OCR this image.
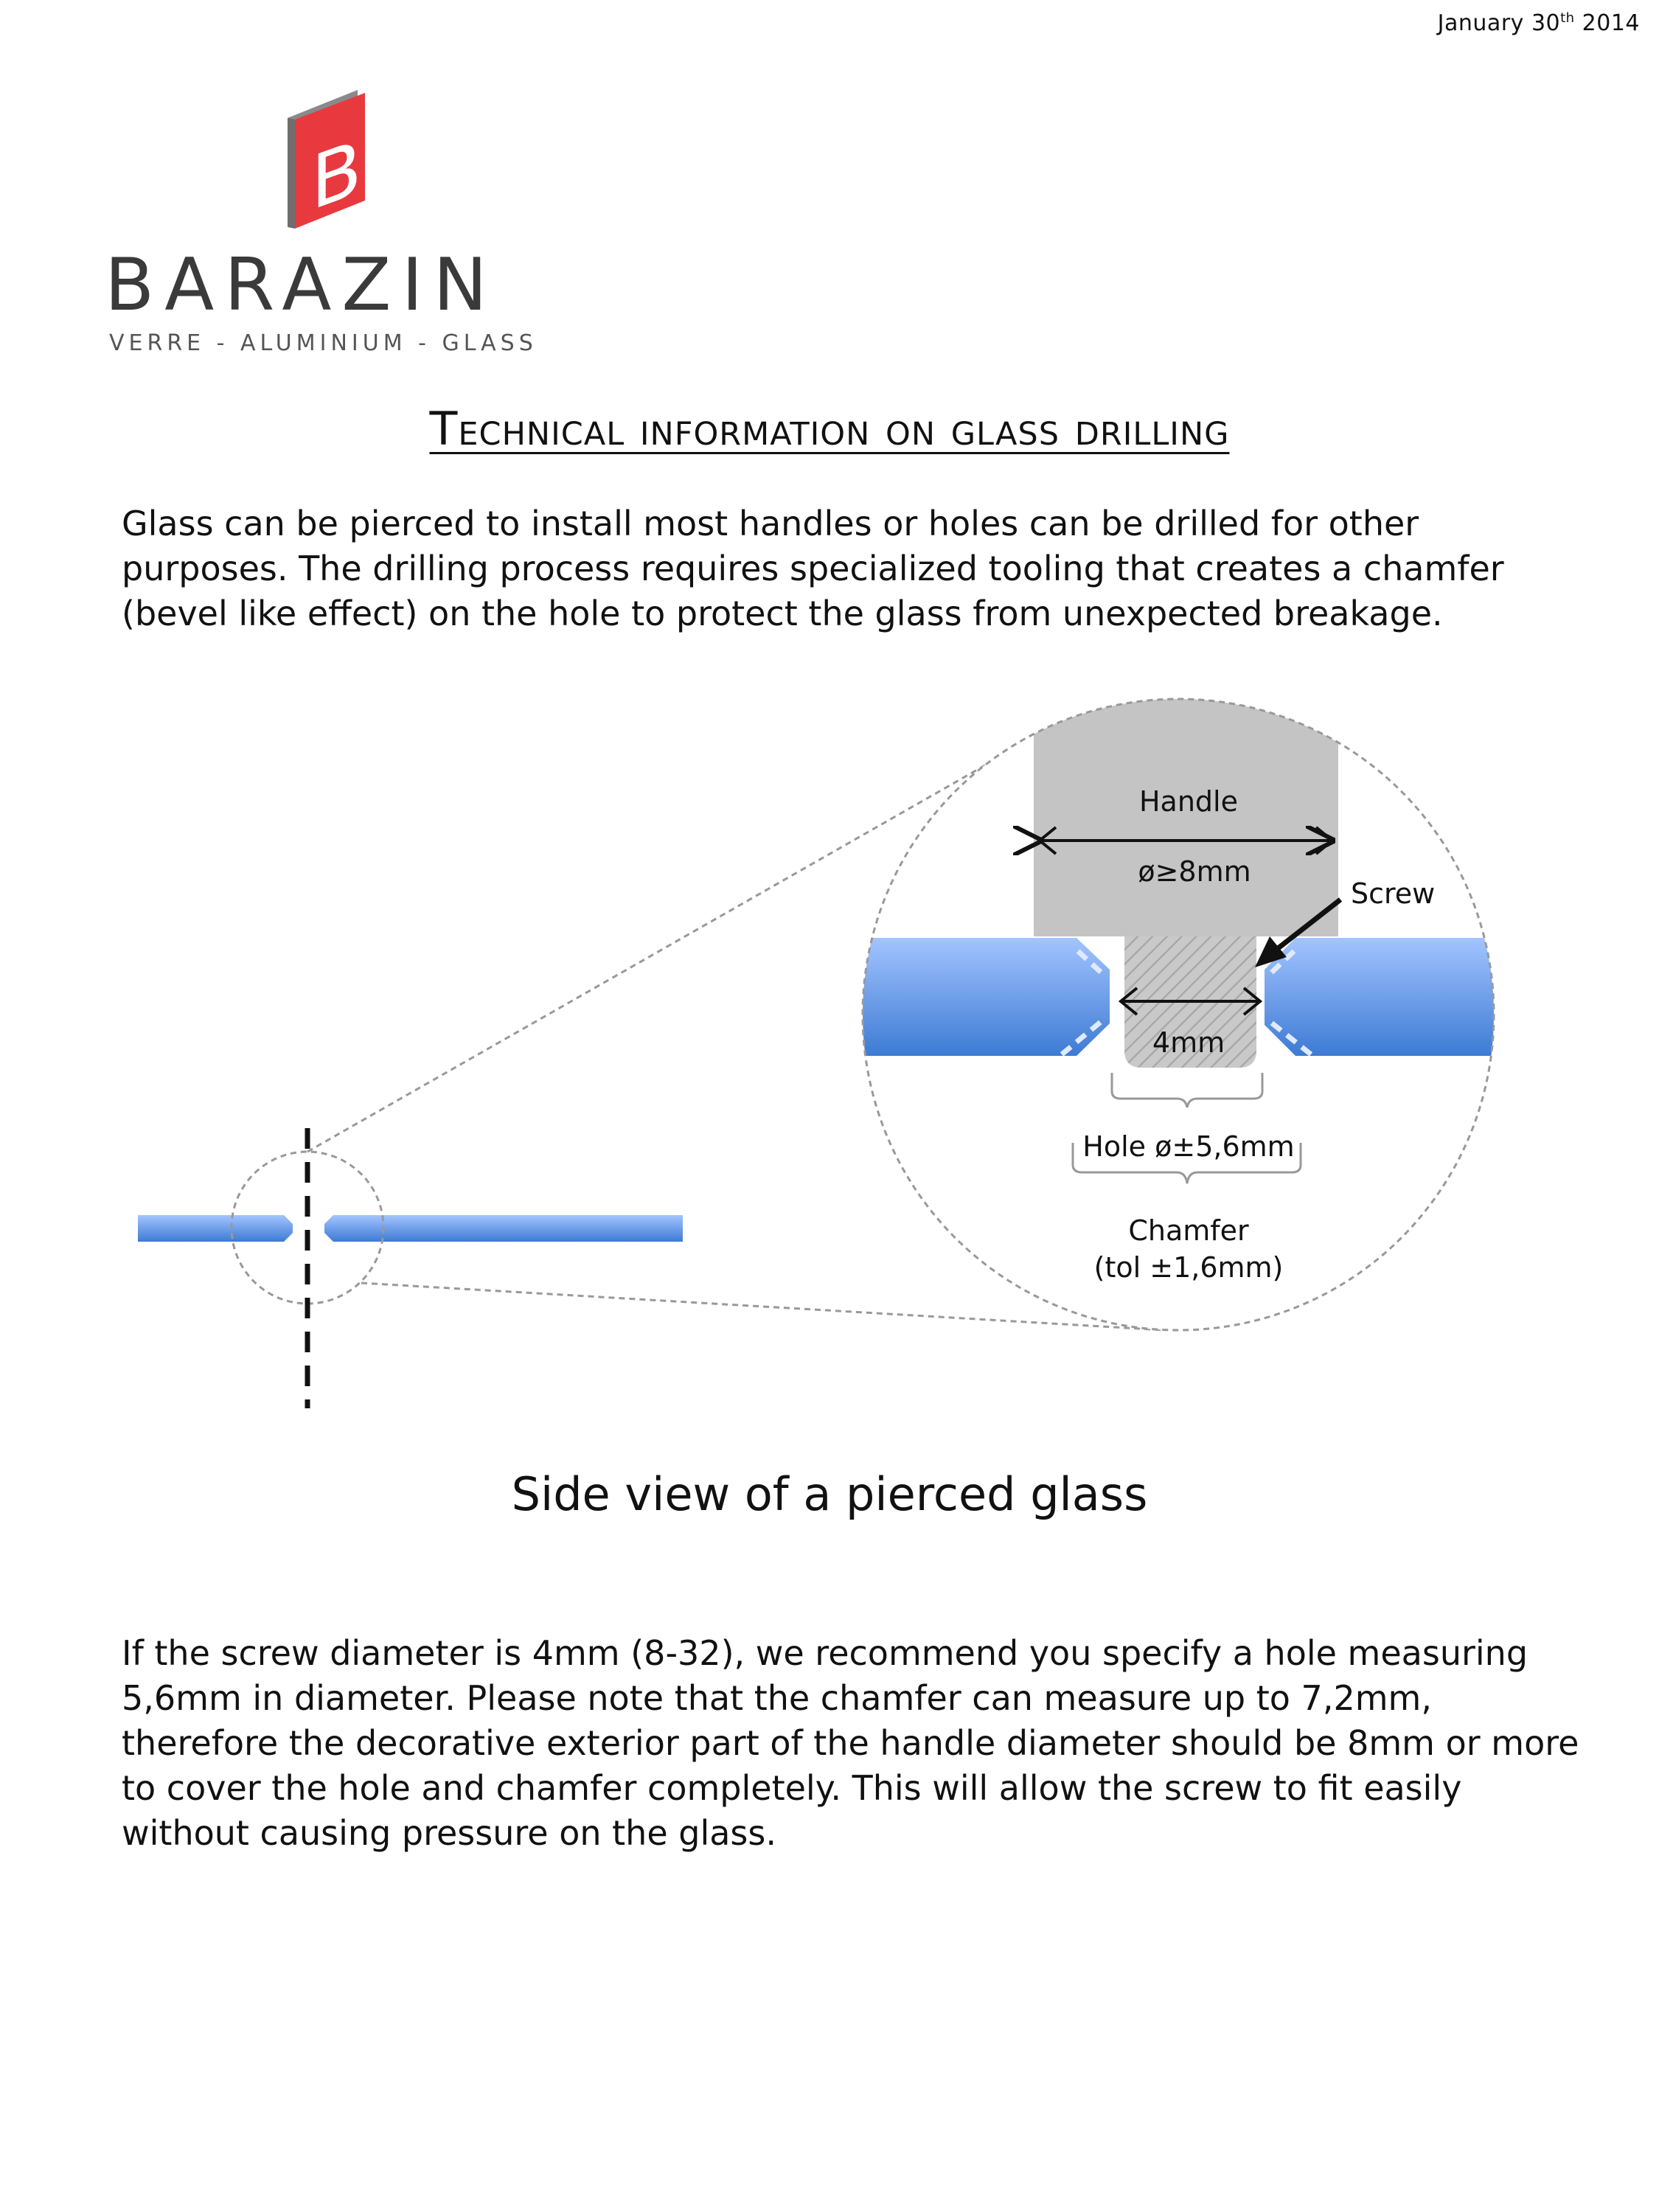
January 30th 2014
B
BARAZIN
VERRE - ALUMINIUM - GLASS
Technical information on glass drilling
Glass can be pierced to install most handles or holes can be drilled for other purposes. The drilling process requires specialized tooling that creates a chamfer (bevel like effect) on the hole to protect the glass from unexpected breakage.
Handle
ø≥8mm
4mm
Screw
Hole ø±5,6mm
Chamfer
(tol ±1,6mm)
Side view of a pierced glass
If the screw diameter is 4mm (8-32), we recommend you specify a hole measuring 5,6mm in diameter. Please note that the chamfer can measure up to 7,2mm, therefore the decorative exterior part of the handle diameter should be 8mm or more to cover the hole and chamfer completely. This will allow the screw to fit easily without causing pressure on the glass.
